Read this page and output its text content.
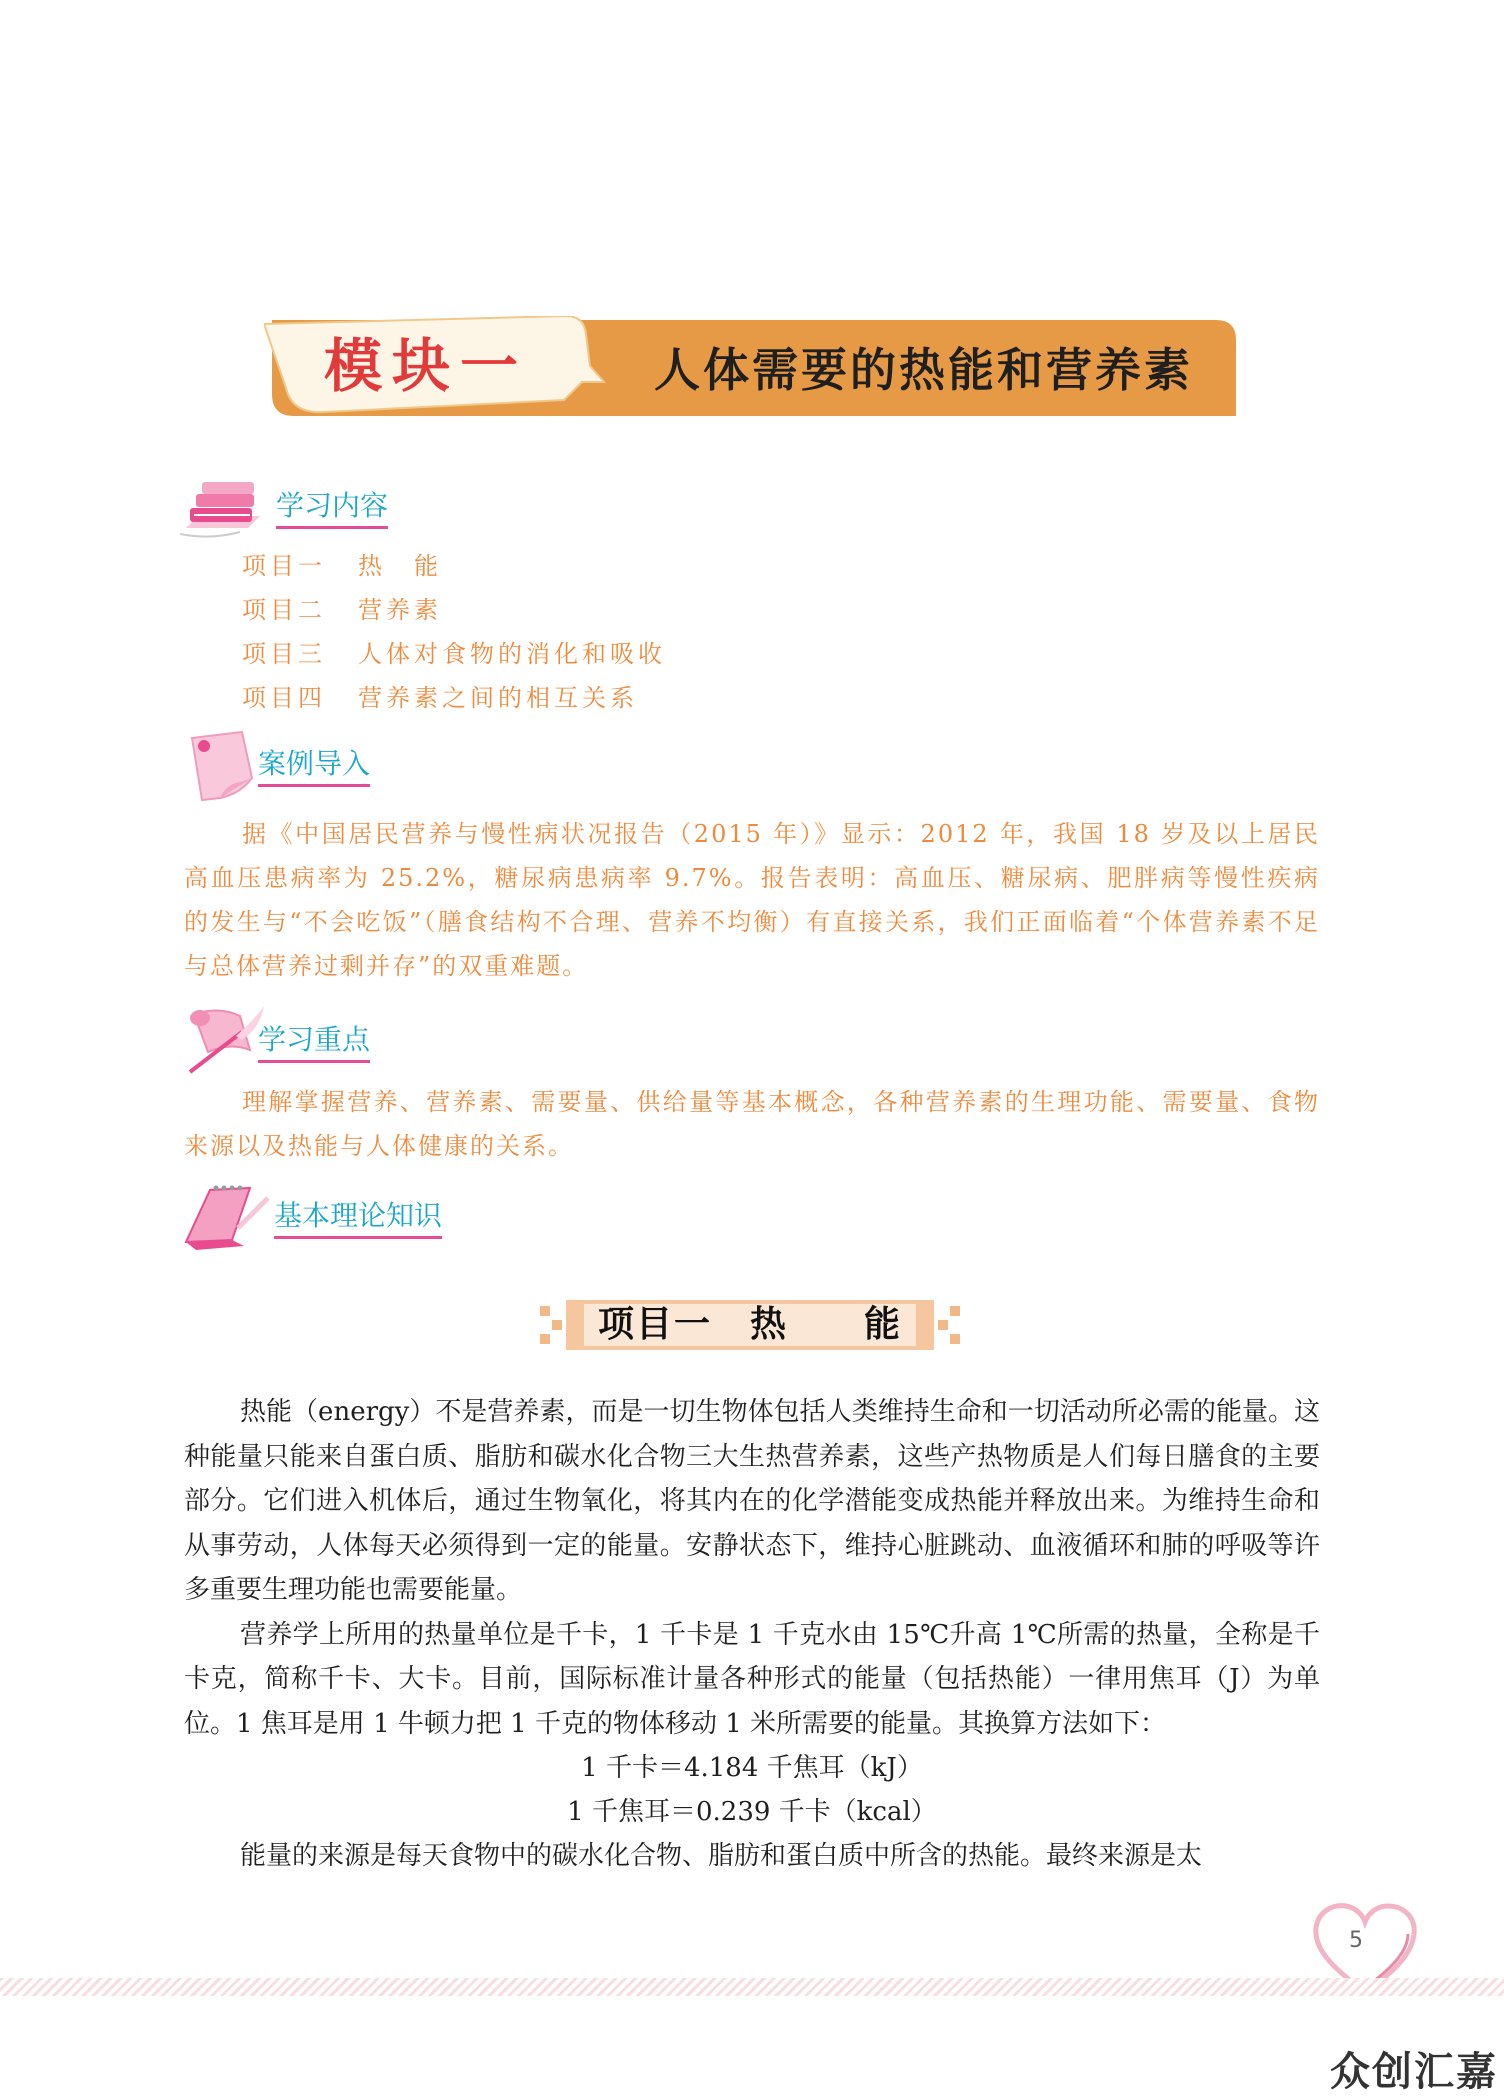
模块一	人体需要的热能和营养素
学习内容
项目一 热　能
项目二 营养素
项目三 人体对食物的消化和吸收
项目四 营养素之间的相互关系
案例导入
据《中国居民营养与慢性病状况报告（2015 年）》显示：2012 年，我国 18 岁及以上居民高血压患病率为 25.2%，糖尿病患病率 9.7%。报告表明：高血压、糖尿病、肥胖病等慢性疾病的发生与“不会吃饭”（膳食结构不合理、营养不均衡）有直接关系，我们正面临着“个体营养素不足与总体营养过剩并存”的双重难题。
学习重点
理解掌握营养、营养素、需要量、供给量等基本概念，各种营养素的生理功能、需要量、食物来源以及热能与人体健康的关系。
基本理论知识
项目一　热　　能

热能（energy）不是营养素，而是一切生物体包括人类维持生命和一切活动所必需的能量。这种能量只能来自蛋白质、脂肪和碳水化合物三大生热营养素，这些产热物质是人们每日膳食的主要部分。它们进入机体后，通过生物氧化，将其内在的化学潜能变成热能并释放出来。为维持生命和从事劳动，人体每天必须得到一定的能量。安静状态下，维持心脏跳动、血液循环和肺的呼吸等许多重要生理功能也需要能量。

营养学上所用的热量单位是千卡，1 千卡是 1 千克水由 15℃升高 1℃所需的热量，全称是千卡克，简称千卡、大卡。目前，国际标准计量各种形式的能量（包括热能）一律用焦耳（J）为单位。1 焦耳是用 1 牛顿力把 1 千克的物体移动 1 米所需要的能量。其换算方法如下：

1 千卡＝4.184 千焦耳（kJ）
1 千焦耳＝0.239 千卡（kcal）

能量的来源是每天食物中的碳水化合物、脂肪和蛋白质中所含的热能。最终来源是太

5
众创汇嘉
